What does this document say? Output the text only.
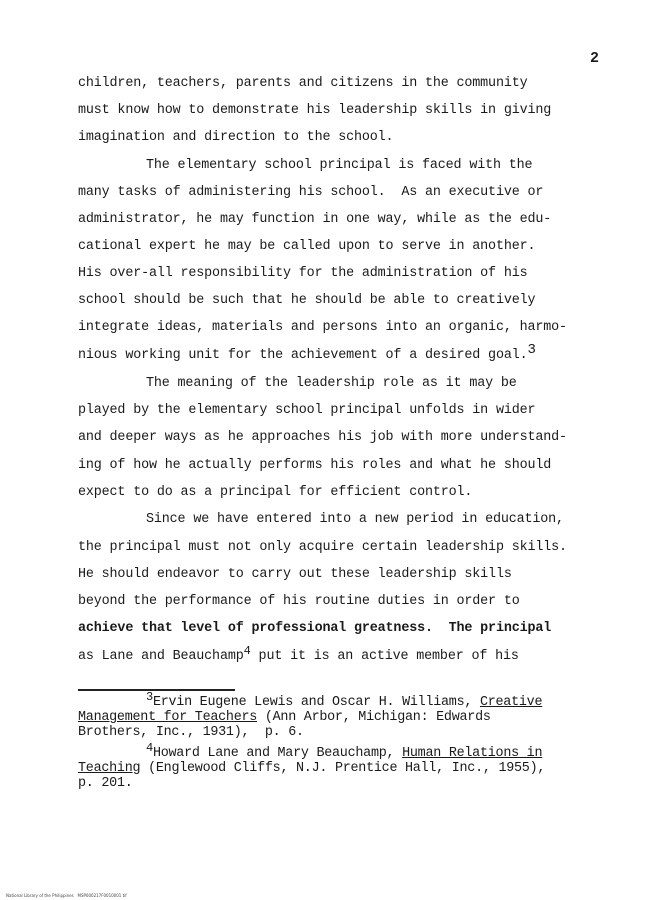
2
children, teachers, parents and citizens in the community
must know how to demonstrate his leadership skills in giving
imagination and direction to the school.
The elementary school principal is faced with the
many tasks of administering his school.  As an executive or
administrator, he may function in one way, while as the edu-
cational expert he may be called upon to serve in another.
His over-all responsibility for the administration of his
school should be such that he should be able to creatively
integrate ideas, materials and persons into an organic, harmo-
nious working unit for the achievement of a desired goal.3
The meaning of the leadership role as it may be
played by the elementary school principal unfolds in wider
and deeper ways as he approaches his job with more understand-
ing of how he actually performs his roles and what he should
expect to do as a principal for efficient control.
Since we have entered into a new period in education,
the principal must not only acquire certain leadership skills.
He should endeavor to carry out these leadership skills
beyond the performance of his routine duties in order to
achieve that level of professional greatness.  The principal
as Lane and Beauchamp4 put it is an active member of his
3Ervin Eugene Lewis and Oscar H. Williams, Creative
Management for Teachers (Ann Arbor, Michigan: Edwards
Brothers, Inc., 1931),  p. 6.
4Howard Lane and Mary Beauchamp, Human Relations in
Teaching (Englewood Cliffs, N.J. Prentice Hall, Inc., 1955),
p. 201.
National Library of the Philippines   MSP000217F0010001 tif
